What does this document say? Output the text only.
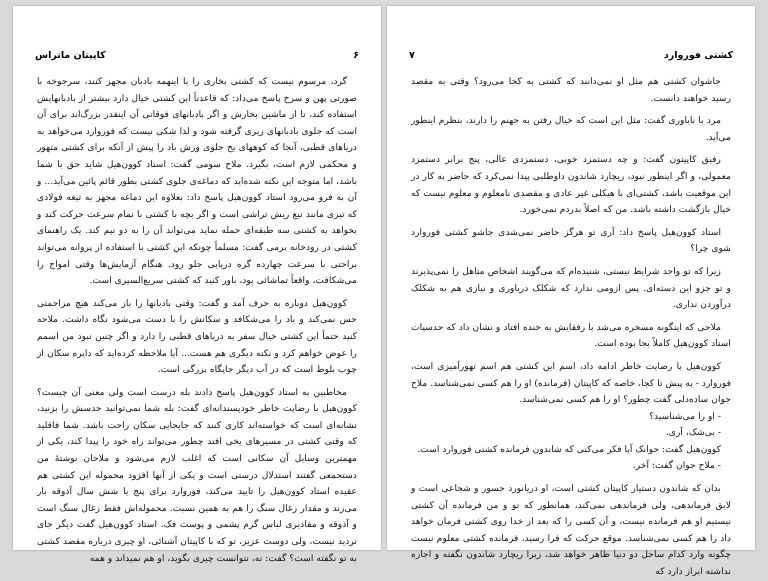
۶
کاپیتان ماتراس

گرد، مرسوم نیست که کشتی بخاری را با اینهمه بادبان مجهز کنند، سرجوخه با صورتی پهن و سرخ پاسخ می‌داد: که قاعدتاً این کشتی خیال دارد بیشتر از بادبانهایش استفاده کند، تا از ماشین بخارش و اگر بادبانهای فوقانی آن اینقدر بزرگ‌اند برای آن است که جلوی بادبانهای زیری گرفته شود و لذا شکی نیست که فوروارد می‌خواهد به دریاهای قطبی، آنجا که کوههای یخ جلوی وزش باد را پیش از آنکه برای کشتی متهور و محکمی لازم است، بگیرد. ملاح سومی گفت: استاد کوون‌هیل شاید حق با شما باشد، اما متوجه این نکته شده‌اید که دماغه‌ی جلوی کشتی بطور قائم پائین می‌آید... و آن به فرو می‌رود استاد کوون‌هیل پاسخ داد: بعلاوه این دماغه مجهز به تیغه فولادی که تیزی مانند تیغ ریش تراشی است و اگر بچه با کشتی با تمام سرعت حرکت کند و بخواهد به کشتی سه طبقه‌ای حمله نماید می‌تواند آن را به دو نیم کند. یک راهنمای کشتی در رودخانه برمی گفت: مسلماً چونکه این کشتی با استفاده از پروانه می‌تواند براحتی با سرعت چهارده گره دریایی جلو رود. هنگام آزمایش‌ها وقتی امواج را می‌شکافت، واقعاً تماشائی بود، باور کنید که کشتی سریع‌السیری است.

کوون‌هیل دوباره به حرف آمد و گفت: وقتی بادبانها را باز می‌کند هیچ مزاحمتی حس نمی‌کند و باد را می‌شکافد و سکانش را با دست می‌شود نگاه داشت. ملاحه کنید حتماً این کشتی خیال سفر به دریاهای قطبی را دارد و اگر چنین نبود من اسمم را عوض خواهم کرد و نکته دیگری هم هست... آیا ملاحظه کرده‌اید که دایره سکان از چوب بلوط است که در آب دیگر جایگاه بزرگی است.

مخاطبین به استاد کوون‌هیل پاسخ دادند بله درست است ولی معنی آن چیست؟ کوون‌هیل با رضایت خاطر خودپسندانه‌ای گفت: بله شما نمی‌توانید حدسش را بزنید، نشانه‌ای است که خواسته‌اند کاری کنند که جابجایی سکان راحت باشد. شما فاقلید که وقتی کشتی در مسیرهای یخی افتد چطور می‌تواند راه خود را پیدا کند، یکی از مهمترین وسایل آن سکانی است که اغلب لازم می‌شود و ملاحان نوشتهٔ من دستجمعی گفتند استدلال درستی است و یکی از آنها افزود محموله این کشتی هم عقیده استاد کوون‌هیل را تایید می‌کند، فوروارد برای پنج یا شش سال آذوقه بار می‌زند و مقدار زغال سنگ را هم به همین نسبت. محموله‌اش فقط زغال سنگ است و آذوقه و مقادیری لباس گرم پشمی و پوست فک. استاد کوون‌هیل گفت دیگر جای تردید نیست، ولی دوست عزیز، تو که با کاپیتان آشنائی، او چیزی درباره مقصد کشتی به تو نگفته است؟ گفت: نه، نتوانست چیزی بگوید، او هم نمیداند و همه

۷	کشتی فوروارد

جاشوان کشتی هم مثل او نمی‌دانند که کشتی به کجا می‌رود؟ وقتی به مقصد رسید خواهند دانست.

مرد با ناباوری گفت: مثل این است که خیال رفتن به جهنم را دارند، بنظرم اینطور می‌آید.

رفیق کاپیتون گفت: و چه دستمزد خوبی، دستمزدی عالی، پنج برابر دستمزد معمولی، و اگر اینطور نبود، ریچارد شاندون داوطلبی پیدا نمی‌کرد که حاضر به کار در این موقعیت باشد، کشتی‌ای با هیکلی غیر عادی و مقصدی نامعلوم و معلوم نیست که خیال بازگشت داشته باشد. من که اصلاً بدردم نمی‌خورد.

استاد کوون‌هیل پاسخ داد: آری تو هرگز حاضر نمی‌شدی جاشو کشتی فوروارد شوی چرا؟

زیرا که تو واجد شرایط نیستی، شنیده‌ام که می‌گویند اشخاص متاهل را نمی‌پذیرند و تو جزو این دسته‌ای. پس ازومی ندارد که شکلک دریاوری و نیازی هم به شکلک درآوردن نداری.

ملاحی که اینگونه مسخره می‌شد با رفقایش به خنده افتاد و نشان داد که حدسیات استاد کوون‌هیل کاملاً بجا بوده است.

کوون‌هیل با رضایت خاطر ادامه داد، اسم این کشتی هم اسم تهورآمیزی است، فوروارد - به پیش تا کجا، خاصه که کاپیتان (فرمانده) او را هم کسی نمی‌شناسد. ملاح جوان ساده‌دلی گفت چطور؟ او را هم کسی نمی‌شناسد.

- او را می‌شناسید؟

- بی‌شک، آری.

کوون‌هیل گفت: جوانک آیا فکر می‌کنی که شاندون فرمانده کشتی فوروارد است.

- ملاح جوان گفت: آخر.

بدان که شاندون دستیار کاپیتان کشتی است، او دریانورد جسور و شجاعی است و لایق فرماندهی، ولی فرماندهی نمی‌کند، همانطور که تو و من فرمانده آن کشتی نیستیم او هم فرمانده نیست، و آن کسی را که بعد از خدا روی کشتی فرمان خواهد داد را هم کسی نمی‌شناسد. موقع حرکت که فرا رسید، فرمانده کشتی معلوم نیست چگونه وارد کدام ساحل دو دنیا ظاهر خواهد شد، زیرا ریچارد شاندون نگفته و اجازه نداشته ابراز دارد که
